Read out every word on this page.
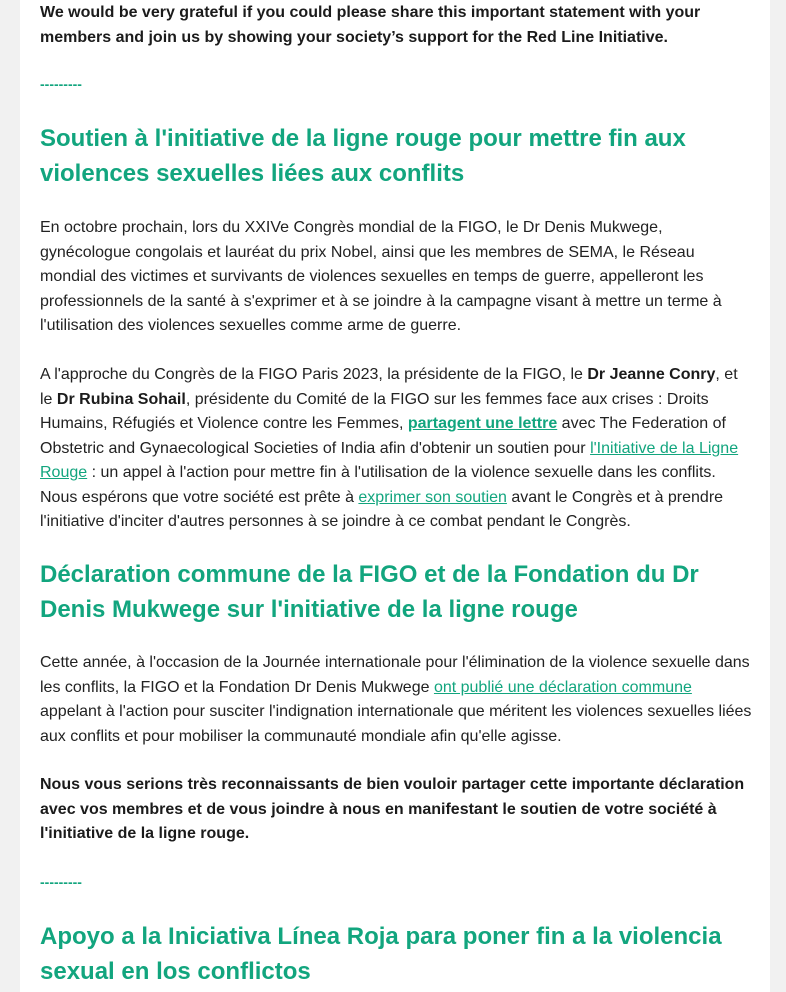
We would be very grateful if you could please share this important statement with your members and join us by showing your society’s support for the Red Line Initiative.

---------
Soutien à l'initiative de la ligne rouge pour mettre fin aux violences sexuelles liées aux conflits

En octobre prochain, lors du XXIVe Congrès mondial de la FIGO, le Dr Denis Mukwege, gynécologue congolais et lauréat du prix Nobel, ainsi que les membres de SEMA, le Réseau mondial des victimes et survivants de violences sexuelles en temps de guerre, appelleront les professionnels de la santé à s'exprimer et à se joindre à la campagne visant à mettre un terme à l'utilisation des violences sexuelles comme arme de guerre.

A l'approche du Congrès de la FIGO Paris 2023, la présidente de la FIGO, le Dr Jeanne Conry, et le Dr Rubina Sohail, présidente du Comité de la FIGO sur les femmes face aux crises : Droits Humains, Réfugiés et Violence contre les Femmes, partagent une lettre avec The Federation of Obstetric and Gynaecological Societies of India afin d'obtenir un soutien pour l'Initiative de la Ligne Rouge : un appel à l'action pour mettre fin à l'utilisation de la violence sexuelle dans les conflits. Nous espérons que votre société est prête à exprimer son soutien avant le Congrès et à prendre l'initiative d'inciter d'autres personnes à se joindre à ce combat pendant le Congrès.

Déclaration commune de la FIGO et de la Fondation du Dr Denis Mukwege sur l'initiative de la ligne rouge

Cette année, à l'occasion de la Journée internationale pour l'élimination de la violence sexuelle dans les conflits, la FIGO et la Fondation Dr Denis Mukwege ont publié une déclaration commune appelant à l'action pour susciter l'indignation internationale que méritent les violences sexuelles liées aux conflits et pour mobiliser la communauté mondiale afin qu'elle agisse.

Nous vous serions très reconnaissants de bien vouloir partager cette importante déclaration avec vos membres et de vous joindre à nous en manifestant le soutien de votre société à l'initiative de la ligne rouge.

---------
Apoyo a la Iniciativa Línea Roja para poner fin a la violencia sexual en los conflictos
